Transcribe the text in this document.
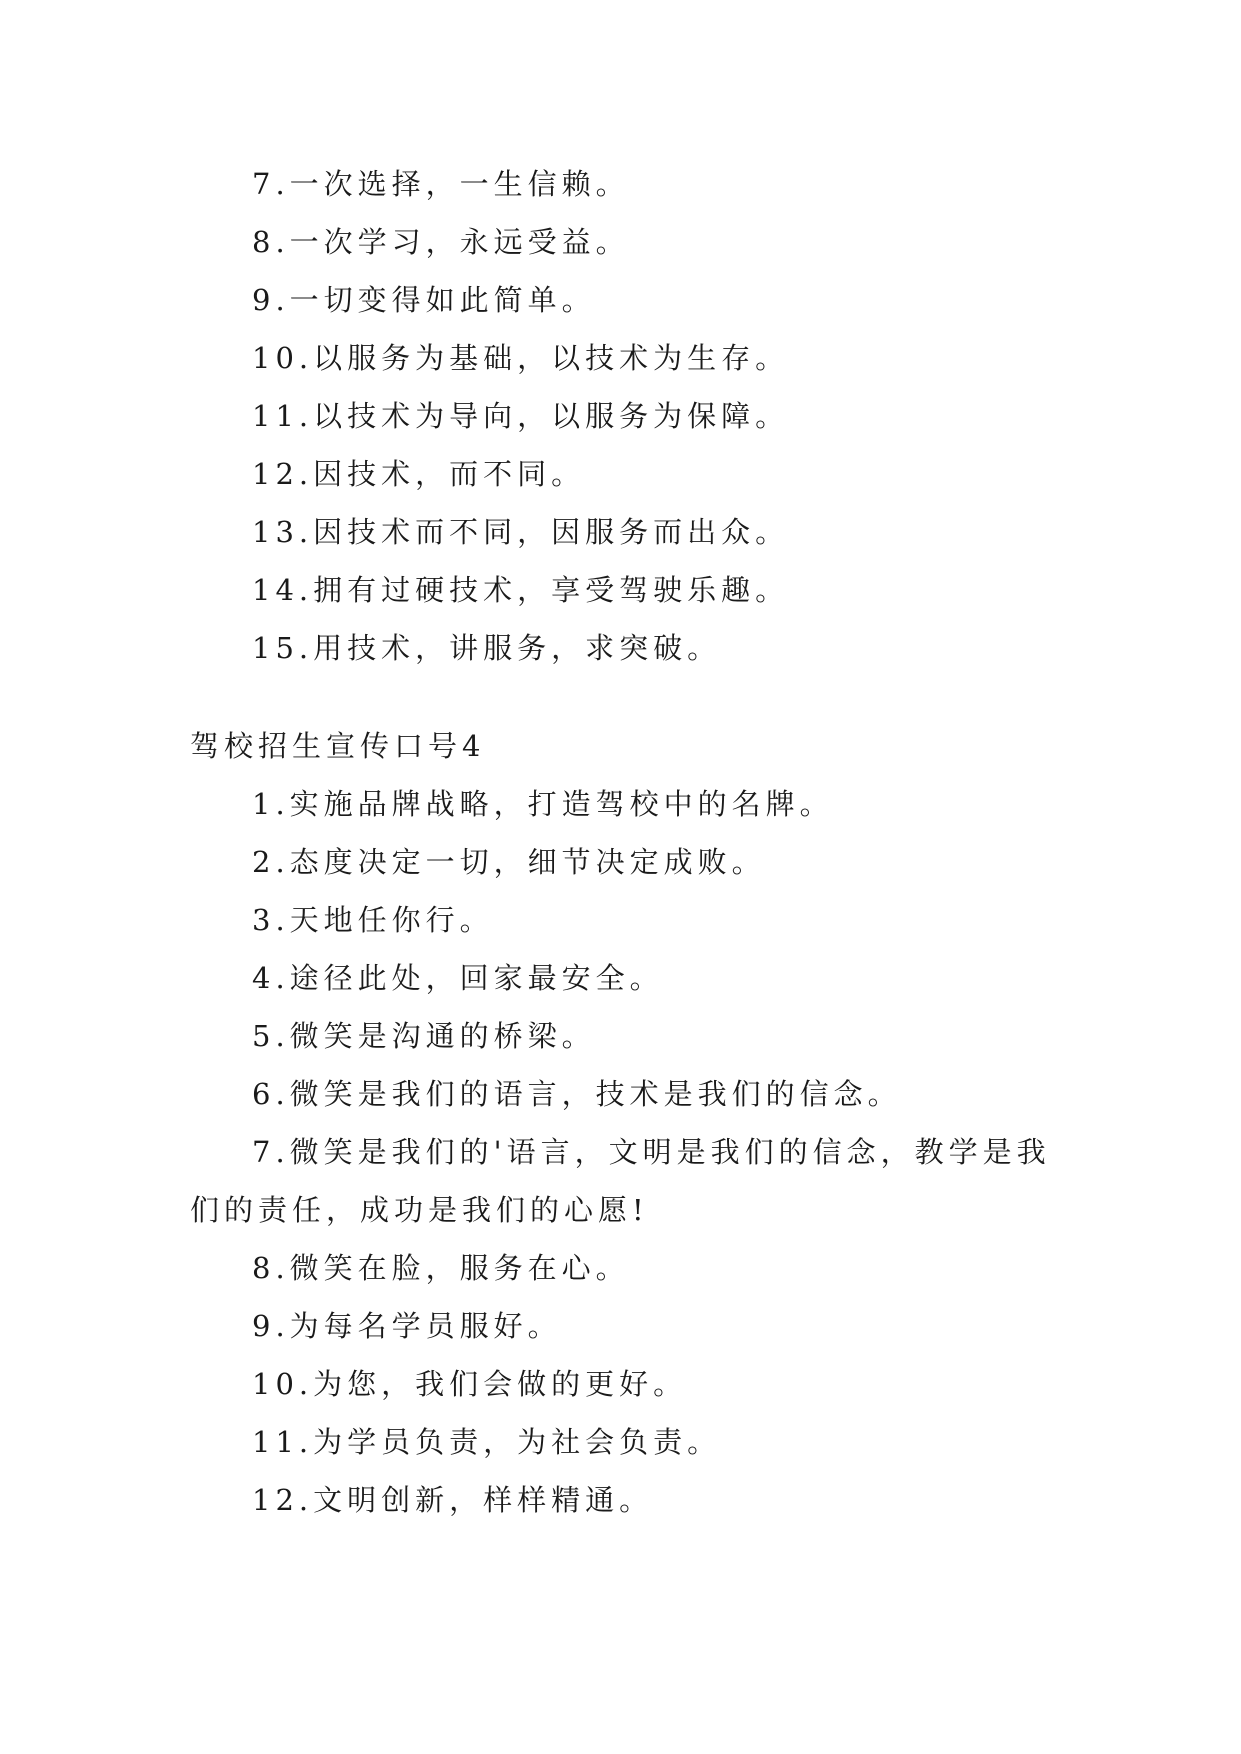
7.一次选择，一生信赖。
8.一次学习，永远受益。
9.一切变得如此简单。
10.以服务为基础，以技术为生存。
11.以技术为导向，以服务为保障。
12.因技术，而不同。
13.因技术而不同，因服务而出众。
14.拥有过硬技术，享受驾驶乐趣。
15.用技术，讲服务，求突破。
驾校招生宣传口号4
1.实施品牌战略，打造驾校中的名牌。
2.态度决定一切，细节决定成败。
3.天地任你行。
4.途径此处，回家最安全。
5.微笑是沟通的桥梁。
6.微笑是我们的语言，技术是我们的信念。
7.微笑是我们的'语言，文明是我们的信念，教学是我们的责任，成功是我们的心愿!
8.微笑在脸，服务在心。
9.为每名学员服好。
10.为您，我们会做的更好。
11.为学员负责，为社会负责。
12.文明创新，样样精通。
